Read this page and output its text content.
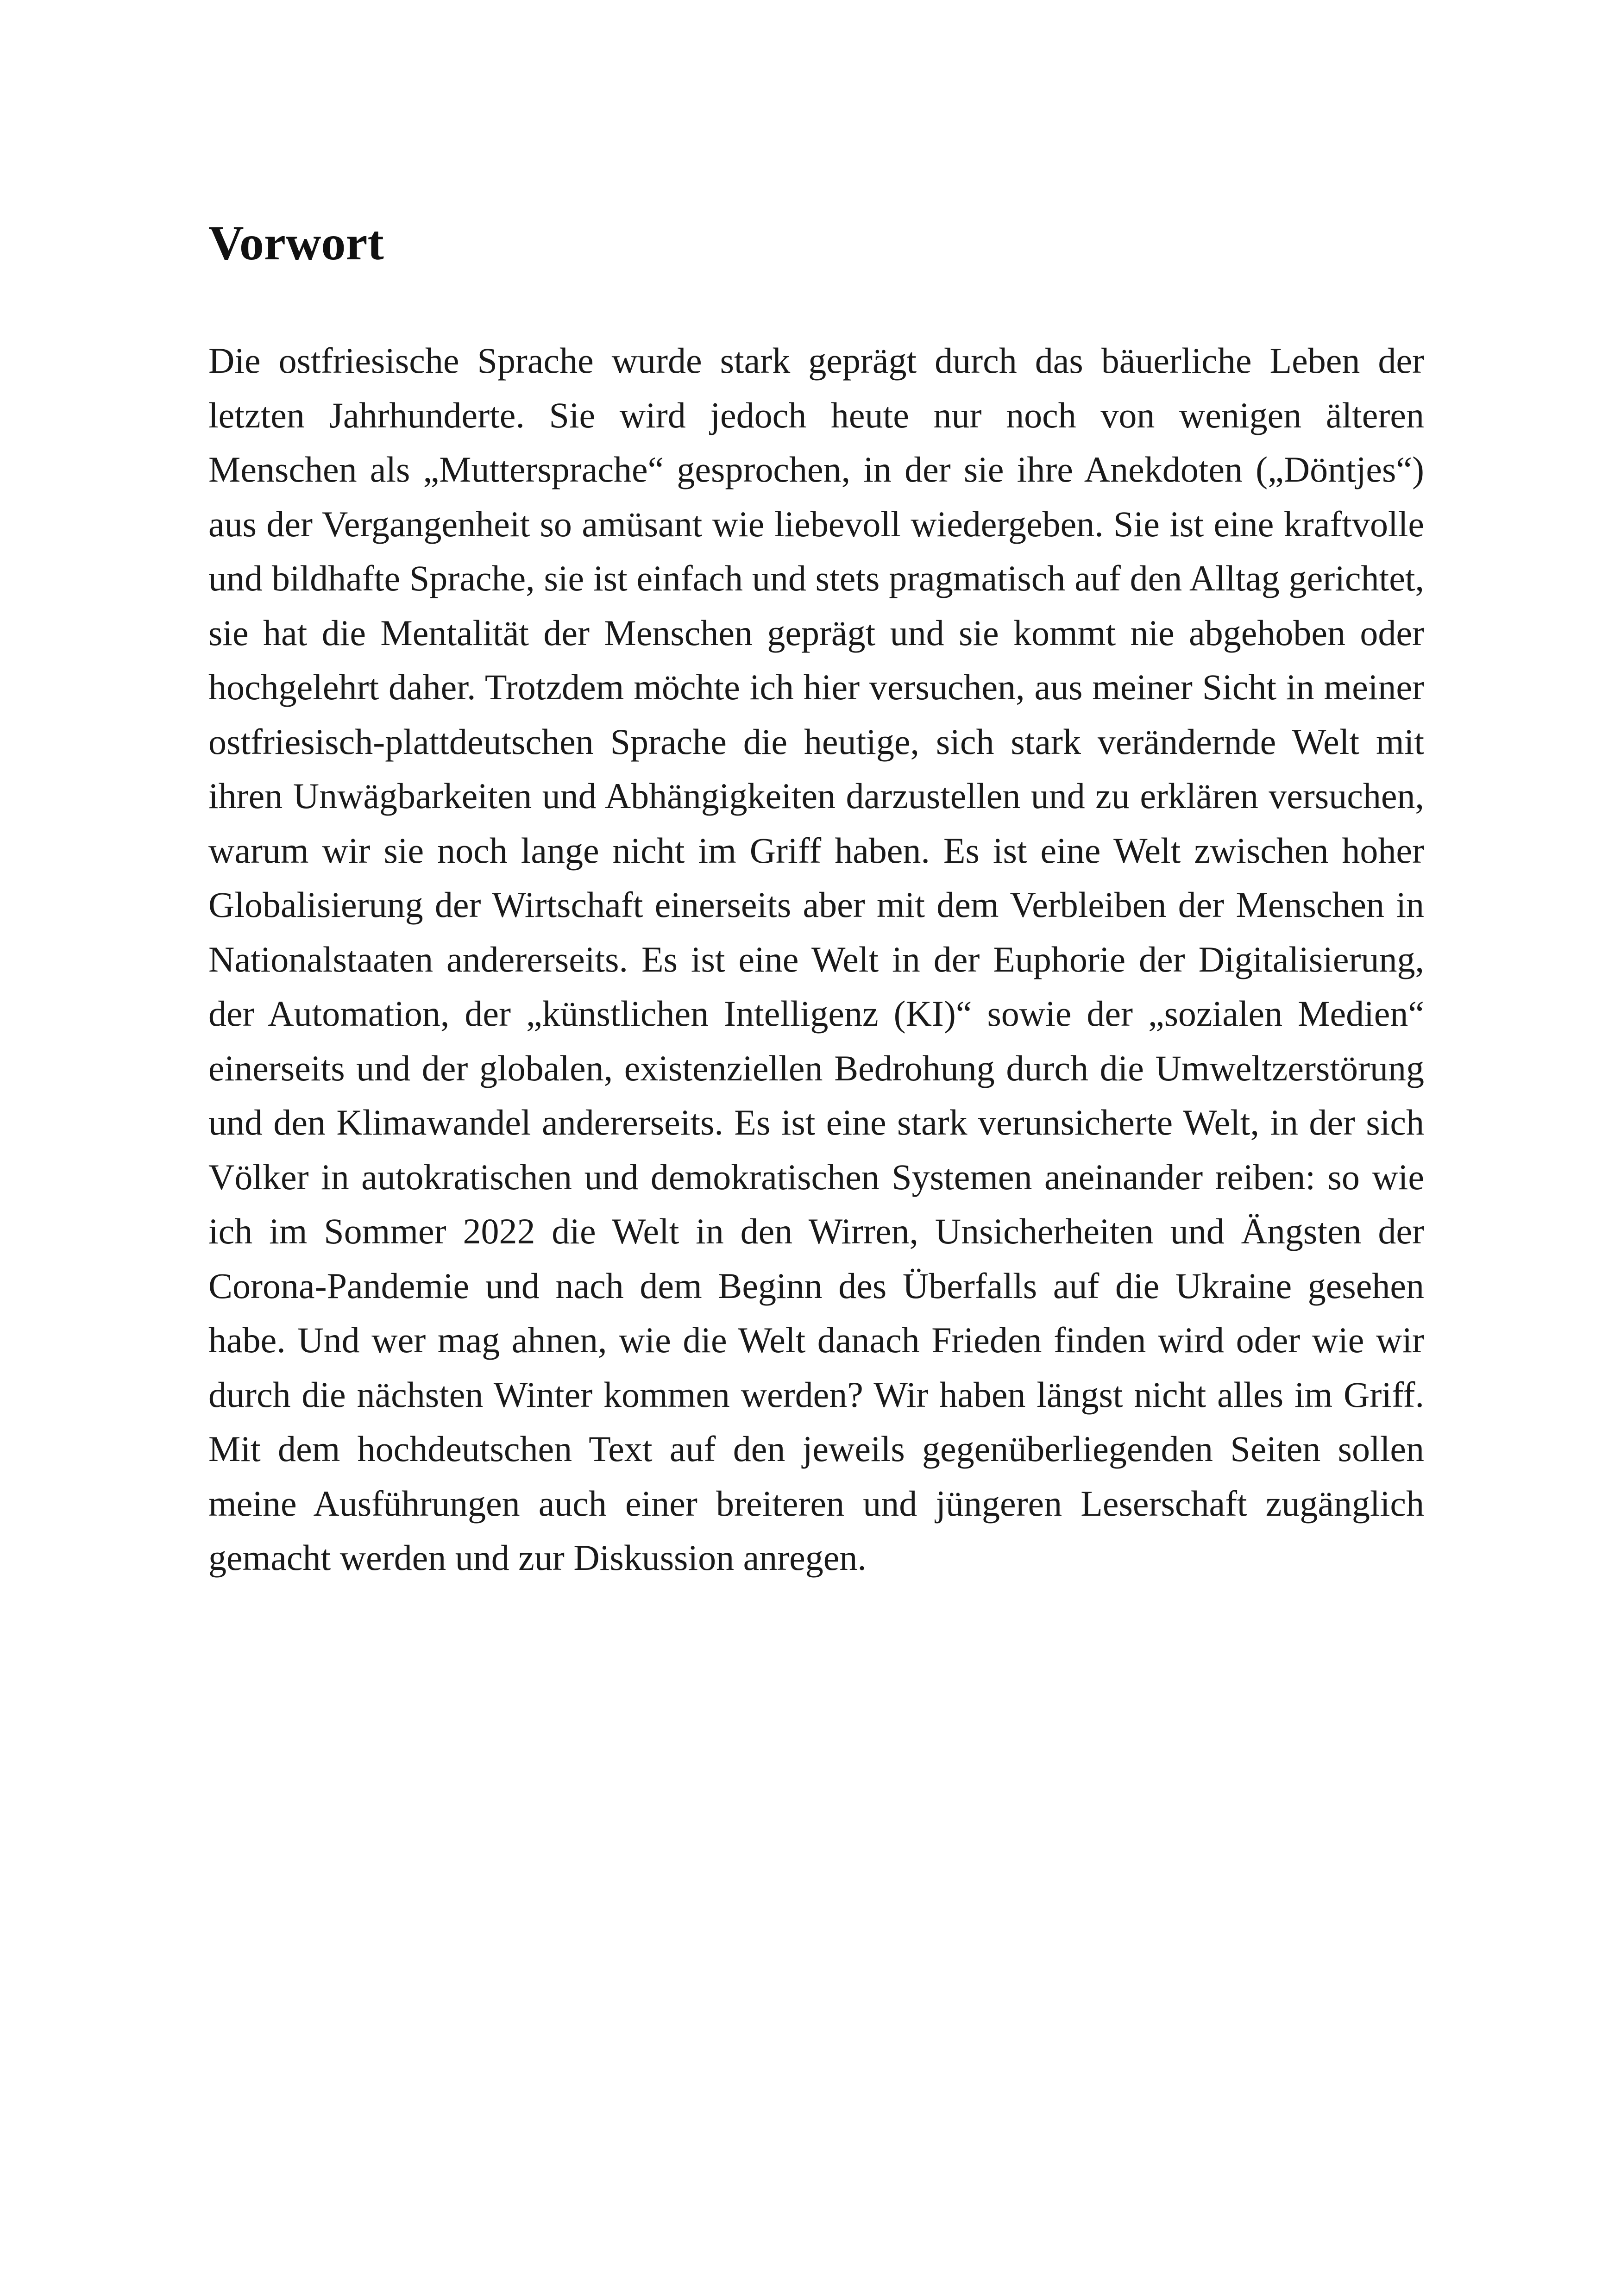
Vorwort

Die ostfriesische Sprache wurde stark geprägt durch das bäuerliche Leben der letzten Jahrhunderte. Sie wird jedoch heute nur noch von wenigen älteren Menschen als „Muttersprache“ gesprochen, in der sie ihre Anekdoten („Döntjes“) aus der Vergangenheit so amüsant wie liebevoll wiedergeben. Sie ist eine kraftvolle und bildhafte Sprache, sie ist einfach und stets pragmatisch auf den Alltag gerichtet, sie hat die Mentalität der Menschen geprägt und sie kommt nie abgehoben oder hochgelehrt daher. Trotzdem möchte ich hier versuchen, aus meiner Sicht in meiner ostfriesisch-plattdeutschen Sprache die heutige, sich stark verändernde Welt mit ihren Unwägbarkeiten und Abhängigkeiten darzustellen und zu erklären versuchen, warum wir sie noch lange nicht im Griff haben. Es ist eine Welt zwischen hoher Globalisierung der Wirtschaft einerseits aber mit dem Verbleiben der Menschen in Nationalstaaten andererseits. Es ist eine Welt in der Euphorie der Digitalisierung, der Automation, der „künstlichen Intelligenz (KI)“ sowie der „sozialen Medien“ einerseits und der globalen, existenziellen Bedrohung durch die Umweltzerstörung und den Klimawandel andererseits. Es ist eine stark verunsicherte Welt, in der sich Völker in autokratischen und demokratischen Systemen aneinander reiben: so wie ich im Sommer 2022 die Welt in den Wirren, Unsicherheiten und Ängsten der Corona-Pandemie und nach dem Beginn des Überfalls auf die Ukraine gesehen habe. Und wer mag ahnen, wie die Welt danach Frieden finden wird oder wie wir durch die nächsten Winter kommen werden? Wir haben längst nicht alles im Griff. Mit dem hochdeutschen Text auf den jeweils gegenüberliegenden Seiten sollen meine Ausführungen auch einer breiteren und jüngeren Leserschaft zugänglich gemacht werden und zur Diskussion anregen.
